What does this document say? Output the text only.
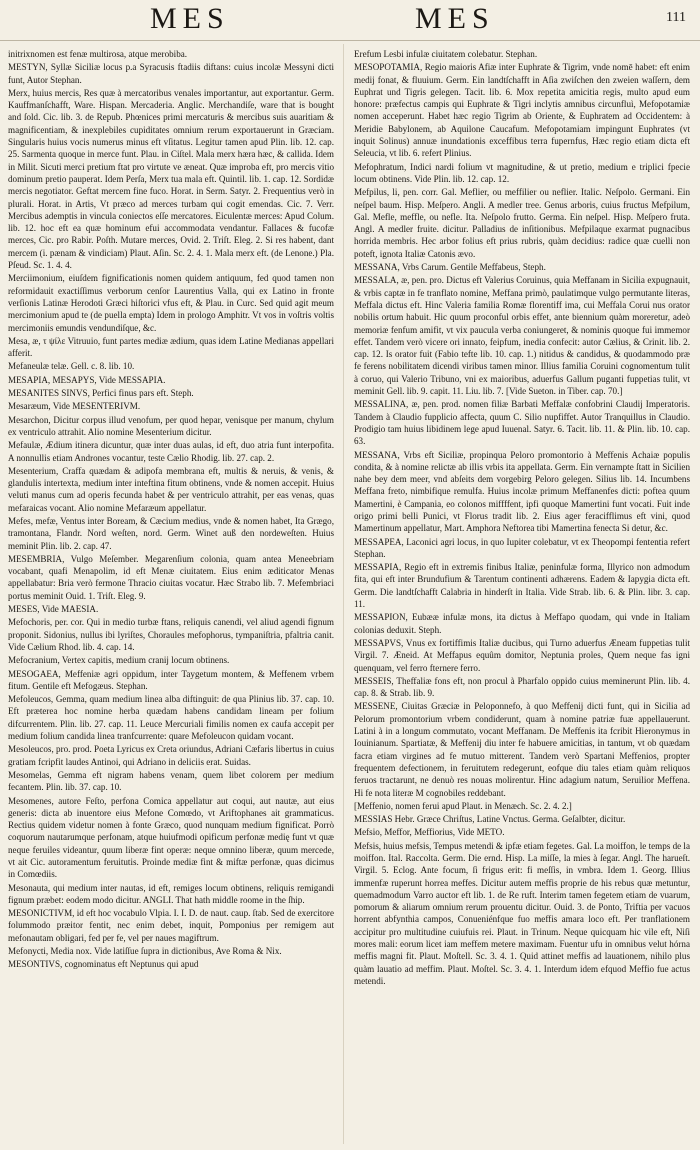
MES	MES	111

initrixnomen est fenæ multirosa, atque merobiba.

MESTYN, Syllæ Siciliæ locus p.a Syracusis ftadiis diftans: cuius incolæ Messyni dicti funt, Autor Stephan.

Merx, huius mercis, Res quæ à mercatoribus venales importantur, aut exportantur. Germ. Kauffmanſchafft, Ware. Hispan. Mercaderia. Anglic. Merchandiſe, ware that is bought and ſold. Cic. lib. 3. de Repub. Phœnices primi mercaturis & mercibus suis auaritiam & magnificentiam, & inexplebiles cupiditates omnium rerum exportauerunt in Græciam. Singularis huius vocis numerus minus eft vſitatus. Legitur tamen apud Plin. lib. 12. cap. 25. Sarmenta quoque in merce funt. Plau. in Ciſtel. Mala merx hæra hæc, & callida. Idem in Milit. Sicuti merci pretium ftat pro virtute ve æneat. Quæ improba eft, pro mercis vitio dominum pretio pauperat. Idem Perſa, Merx tua mala eft. Quintil. lib. 1. cap. 12. Sordidæ mercis negotiator. Geftat mercem fine fuco. Horat. in Serm. Satyr. 2. Frequentius verò in plurali. Horat. in Artis, Vt præco ad merces turbam qui cogit emendas. Cic. 7. Verr. Mercibus ademptis in vincula coniectos eſſe mercatores. Eiculentæ merces: Apud Colum. lib. 12. hoc eft ea quæ hominum efui accommodata vendantur. Fallaces & fucofæ merces, Cic. pro Rabir. Poſth. Mutare merces, Ovid. 2. Triſt. Eleg. 2. Si res habent, dant mercem (i. pænam & vindiciam) Plaut. Aſin. Sc. 2. 4. 1. Mala merx eft. (de Lenone.) Pla. Pſeud. Sc. 1. 4. 4.

Merciimonium, eiuſdem fignificationis nomen quidem antiquum, fed quod tamen non reformidauit exactiſſimus verborum cenſor Laurentius Valla, qui ex Latino in fronte verſionis Latinæ Herodoti Græci hiſtorici vfus eft, & Plau. in Curc. Sed quid agit meum mercimonium apud te (de puella empta) Idem in prologo Amphitr. Vt vos in voſtris voltis mercimoniis emundis vendundiſque, &c.

Mesa, æ, τ ψίλε Vitruuio, funt partes mediæ ædium, quas idem Latine Medianas appellari afferit.

Mefaneulæ telæ. Gell. c. 8. lib. 10.

MESAPIA, MESAPYS, Vide MESSAPIA.

MESANITES SINVS, Perfici finus pars eft. Steph.

Mesaræum, Vide MESENTERIVM.

Mesarchon, Dicitur corpus illud venofum, per quod hepar, venisque per manum, chylum ex ventriculo attrahit. Alio nomine Mesenterium dicitur.

Mefaulæ, Ædium itinera dicuntur, quæ inter duas aulas, id eft, duo atria funt interpofita. A nonnullis etiam Andrones vocantur, teste Cælio Rhodig. lib. 27. cap. 2.

Mesenterium, Craffa quædam & adipofa membrana eft, multis & neruis, & venis, & glandulis intertexta, medium inter inteftina fitum obtinens, vnde & nomen accepit. Huius veluti manus cum ad operis fecunda habet & per ventriculo attrahit, per eas venas, quas mefaraicas vocant. Alio nomine Mefaræum appellatur.

Mefes, mefæ, Ventus inter Boream, & Cæcium medius, vnde & nomen habet, Ita Grægo, tramontana, Flandr. Nord weſten, nord. Germ. Winet auß den nordeweſten. Huius meminit Plin. lib. 2. cap. 47.

MESEMBRIA, Vulgo Meſember. Megarenſium colonia, quam antea Meneebriam vocabant, quafi Menapolim, id eft Menæ ciuitatem. Eius enim æditicator Menas appellabatur: Bria verò fermone Thracio ciuitas vocatur. Hæc Strabo lib. 7. Mefembriaci portus meminit Ouid. 1. Triſt. Eleg. 9.

MESES, Vide MAESIA.

Mefochoris, per. cor. Qui in medio turbæ ftans, reliquis canendi, vel aliud agendi fignum proponit. Sidonius, nullus ibi lyriſtes, Choraules mefophorus, tympaniſtria, pfaltria canit. Vide Cælium Rhod. lib. 4. cap. 14.

Mefocranium, Vertex capitis, medium cranij locum obtinens.

MESOGAEA, Meffeniæ agri oppidum, inter Taygetum montem, & Meffenem vrbem fitum. Gentile eft Mefogæus. Stephan.

Mefoleucos, Gemma, quam medium linea alba diftinguit: de qua Plinius lib. 37. cap. 10. Eft præterea hoc nomine herba quædam habens candidam lineam per folium difcurrentem. Plin. lib. 27. cap. 11. Leuce Mercuriali fimilis nomen ex caufa accepit per medium folium candida linea tranfcurrente: quare Mefoleucon quidam vocant.

Mesoleucos, pro. prod. Poeta Lyricus ex Creta oriundus, Adriani Cæfaris libertus in cuius gratiam fcripfit laudes Antinoi, qui Adriano in deliciis erat. Suidas.

Mesomelas, Gemma eft nigram habens venam, quem libet colorem per medium fecantem. Plin. lib. 37. cap. 10.

Mesomenes, autore Feſto, perfona Comica appellatur aut coqui, aut nautæ, aut eius generis: dicta ab inuentore eius Mefone Comœdo, vt Ariftophanes ait grammaticus. Rectius quidem videtur nomen à fonte Græco, quod nunquam medium fignificat. Porrò coquorum nautarumque perfonam, atque huiufmodi opificum perfonæ medię funt vt quæ neque feruiles videantur, quum liberæ fint operæ: neque omnino liberæ, quum mercede, vt ait Cic. autoramentum feruitutis. Proinde mediæ fint & miftæ perfonæ, quas dicimus in Comœdiis.

Mesonauta, qui medium inter nautas, id eft, remiges locum obtinens, reliquis remigandi fignum præbet: eodem modo dicitur. ANGLI. That hath middle roome in the ſhip.

MESONICTIVM, id eft hoc vocabulo Vlpia. I. I. D. de naut. caup. ſtab. Sed de exercitore folummodo præitor fentit, nec enim debet, inquit, Pomponius per remigem aut mefonautam obligari, fed per fe, vel per naues magiftrum.

Mefonycti, Media nox. Vide latiſſue ſupra in dictionibus, Ave Roma & Nix.

MESONTIVS, cognominatus eft Neptunus qui apud

Erefum Lesbi infulæ ciuitatem colebatur. Stephan.

MESOPOTAMIA, Regio maioris Afiæ inter Euphrate & Tigrim, vnde nomē habet: eft enim medij fonat, & fluuium. Germ. Ein landtſchafft in Aſia zwiſchen den zweien waſſern, dem Euphrat und Tigris gelegen. Tacit. lib. 6. Mox repetita amicitia regis, multo apud eum honore: præfectus campis qui Euphrate & Tigri inclytis amnibus circunfluì, Mefopotamiæ nomen acceperunt. Habet hæc regio Tigrim ab Oriente, & Euphratem ad Occidentem: à Meridie Babylonem, ab Aquilone Caucafum. Mefopotamiam impingunt Euphrates (vt inquit Solinus) annuæ inundationis exceffibus terra fupernfus, Hæc regio etiam dicta eft Seleucia, vt lib. 6. refert Plinius.

Mefophratum, Indici nardi folium vt magnitudine, & ut pretio, medium e triplici fpecie locum obtinens. Vide Plin. lib. 12. cap. 12.

Mefpilus, li, pen. corr. Gal. Meflier, ou meffilier ou neflier. Italic. Neſpolo. Germani. Ein neſpel baum. Hisp. Meſpero. Angli. A medler tree. Genus arboris, cuius fructus Mefpilum, Gal. Mefle, meffle, ou nefle. Ita. Neſpolo frutto. Germa. Ein neſpel. Hisp. Meſpero fruta. Angl. A medler fruite. dicitur. Palladius de inſitionibus. Mefpilaque exarmat pugnacibus horrida membris. Hec arbor folius eft prius rubris, quàm decidius: radice quæ cuelli non poteft, ignota Italiæ Catonis ævo.

MESSANA, Vrbs Carum. Gentile Meffabeus, Steph.

MESSALA, æ, pen. pro. Dictus eft Valerius Coruinus, quia Meffanam in Sicilia expugnauit, & vrbis captæ in fe tranflato nomine, Meffana primò, paulatimque vulgo permutante literas, Meffala dictus eft. Hinc Valeria familia Romæ florentiff ima, cui Meffala Corui nus orator nobilis ortum habuit. Hic quum proconful orbis effet, ante biennium quàm moreretur, adeò memoriæ fenfum amifit, vt vix paucula verba coniungeret, & nominis quoque fui immemor effet. Tandem verò vicere ori innato, feipfum, inedia confecit: autor Cælius, & Crinit. lib. 2. cap. 12. Is orator fuit (Fabio tefte lib. 10. cap. 1.) nitidus & candidus, & quodammodo præ fe ferens nobilitatem dicendi viribus tamen minor. Illius familia Coruini cognomentum tulit à coruo, qui Valerio Tribuno, vni ex maioribus, aduerfus Gallum puganti fuppetias tulit, vt meminit Gell. lib. 9. capit. 11. Liu. lib. 7. [Vide Sueton. in Tiber. cap. 70.]

MESSALINA, æ, pen. prod. nomen filiæ Barbati Meffalæ confobrini Claudij Imperatoris. Tandem à Claudio fupplicio affecta, quum C. Silio nupfiffet. Autor Tranquillus in Claudio. Prodigio tam huius libidinem lege apud Iuuenal. Satyr. 6. Tacit. lib. 11. & Plin. lib. 10. cap. 63.

MESSANA, Vrbs eft Siciliæ, propinqua Peloro promontorio à Meffenis Achaiæ populis condita, & à nomine relictæ ab illis vrbis ita appellata. Germ. Ein vernampte ſtatt in Sicilien nahe bey dem meer, vnd abſeits dem vorgebirg Peloro gelegen. Silius lib. 14. Incumbens Meffana freto, nimbifique remulfa. Huius incolæ primum Meffanenfes dicti: poftea quum Mamertini, è Campania, eo colonos miffffent, ipfi quoque Mamertini funt vocati. Fuit inde origo primi belli Punici, vt Florus tradit lib. 2. Eius ager feracifflimus eft vini, quod Mamertinum appellatur, Mart. Amphora Neftorea tibi Mamertina fenecta Si detur, &c.

MESSAPEA, Laconici agri locus, in quo Iupiter colebatur, vt ex Theopompi fententia refert Stephan.

MESSAPIA, Regio eft in extremis finibus Italiæ, peninfulæ forma, Illyrico non admodum fita, qui eft inter Brundufium & Tarentum continenti adhærens. Eadem & Iapygia dicta eft. Germ. Die landtſchafft Calabria in hinderſt in Italia. Vide Strab. lib. 6. & Plin. libr. 3. cap. 11.

MESSAPION, Eubææ infulæ mons, ita dictus à Meffapo quodam, qui vnde in Italiam colonias deduxit. Steph.

MESSAPVS, Vnus ex fortiffimis Italiæ ducibus, qui Turno aduerfus Æneam fuppetias tulit Virgil. 7. Æneid. At Meffapus equûm domitor, Neptunia proles, Quem neque fas igni quenquam, vel ferro fternere ferro.

MESSEIS, Theffaliæ fons eft, non procul à Pharfalo oppido cuius meminerunt Plin. lib. 4. cap. 8. & Strab. lib. 9.

MESSENE, Ciuitas Græciæ in Peloponnefo, à quo Meffenij dicti funt, qui in Sicilia ad Pelorum promontorium vrbem condiderunt, quam à nomine patriæ fuæ appellauerunt. Latini à in a longum commutato, vocant Meffanam. De Meffenis ita fcribit Hieronymus in Iouinianum. Spartiatæ, & Meffenij diu inter fe habuere amicitias, in tantum, vt ob quædam facra etiam virgines ad fe mutuo mitterent. Tandem verò Spartani Meffenios, propter frequentem defectionem, in feruitutem redegerunt, eofque diu tales etiam quàm reliquos feruos tractarunt, ne denuò res nouas molirentur. Hinc adagium natum, Seruilior Meffena. Hi fe nota literæ M cognobiles reddebant.

[Meffenio, nomen ferui apud Plaut. in Menæch. Sc. 2. 4. 2.]

MESSIAS Hebr. Græce Chriſtus, Latine Vnctus. Germa. Geſalbter, dicitur.

Mefsio, Meffor, Meffiorius, Vide METO.

Mefsis, huius mefsis, Tempus metendi & ipfæ etiam fegetes. Gal. La moiffon, le temps de la moiffon. Ital. Raccolta. Germ. Die ernd. Hisp. La miſſe, la mies à ſegar. Angl. The harueſt. Virgil. 5. Eclog. Ante focum, ſi frigus erit: fi meſſis, in vmbra. Idem 1. Georg. Illius immenfæ ruperunt horrea meffes. Dicitur autem meffis proprie de his rebus quæ metuntur, quemadmodum Varro auctor eft lib. 1. de Re ruft. Interim tamen fegetem etiam de vuarum, pomorum & aliarum omnium rerum prouentu dicitur. Ouid. 3. de Ponto, Triftia per vacuos horrent abfynthia campos, Conueniénfque fuo meffis amara loco eft. Per tranflationem accipitur pro multitudine cuiufuis rei. Plaut. in Trinum. Neque quicquam hic vile eft, Niſi mores mali: eorum licet iam meffem metere maximam. Fuentur ufu in omnibus velut hórna meffis magni fit. Plaut. Moſtell. Sc. 3. 4. 1. Quid attinet meffis ad lauationem, nihilo plus quàm lauatio ad meffim. Plaut. Moſtel. Sc. 3. 4. 1. Interdum idem efquod Meffio fue actus metendi.
